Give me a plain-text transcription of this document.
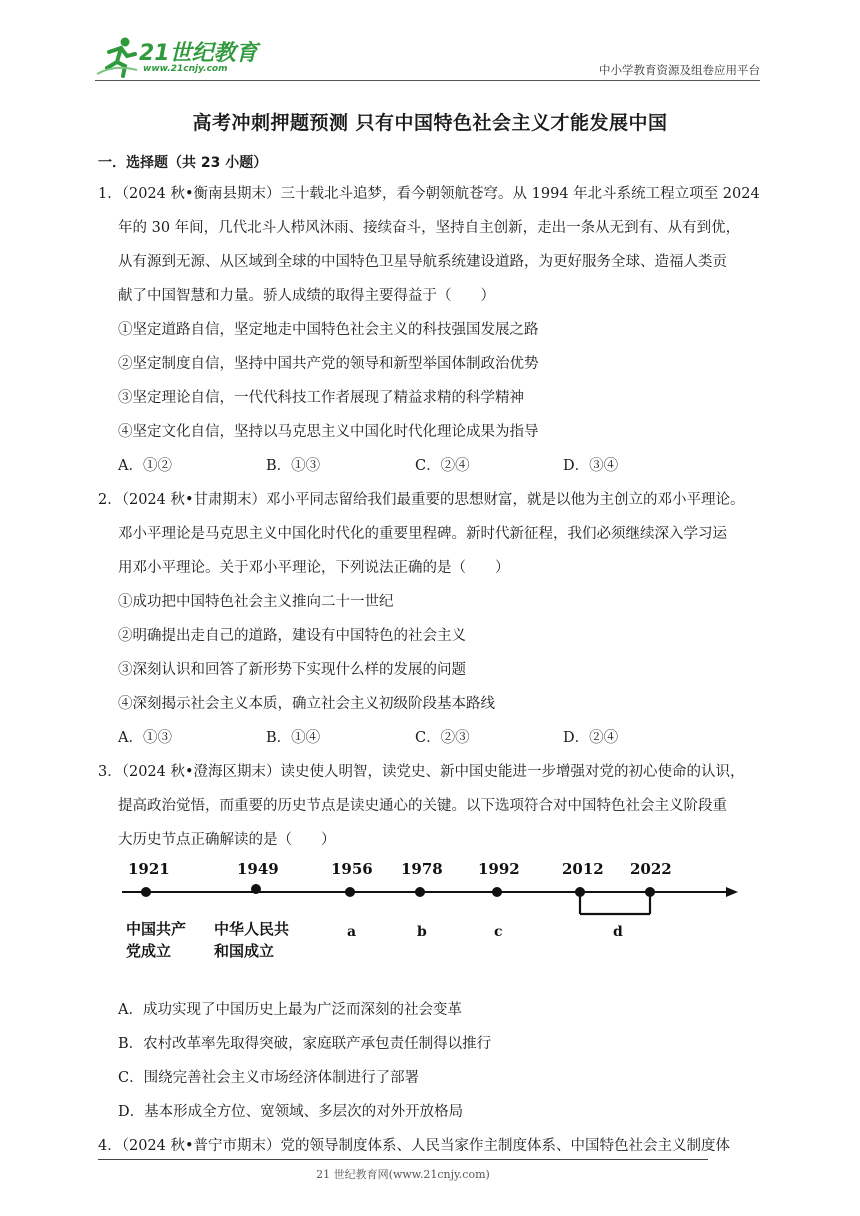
21世纪教育
www.21cnjy.com	中小学教育资源及组卷应用平台
高考冲刺押题预测 只有中国特色社会主义才能发展中国
一．选择题（共 23 小题）
1．（2024 秋•衡南县期末）三十载北斗追梦，看今朝领航苍穹。从 1994 年北斗系统工程立项至 2024
年的 30 年间，几代北斗人栉风沐雨、接续奋斗，坚持自主创新，走出一条从无到有、从有到优，
从有源到无源、从区域到全球的中国特色卫星导航系统建设道路，为更好服务全球、造福人类贡
献了中国智慧和力量。骄人成绩的取得主要得益于（　　）
①坚定道路自信，坚定地走中国特色社会主义的科技强国发展之路
②坚定制度自信，坚持中国共产党的领导和新型举国体制政治优势
③坚定理论自信，一代代科技工作者展现了精益求精的科学精神
④坚定文化自信，坚持以马克思主义中国化时代化理论成果为指导
A．①②	B．①③	C．②④	D．③④
2．（2024 秋•甘肃期末）邓小平同志留给我们最重要的思想财富，就是以他为主创立的邓小平理论。
邓小平理论是马克思主义中国化时代化的重要里程碑。新时代新征程，我们必须继续深入学习运
用邓小平理论。关于邓小平理论，下列说法正确的是（　　）
①成功把中国特色社会主义推向二十一世纪
②明确提出走自己的道路，建设有中国特色的社会主义
③深刻认识和回答了新形势下实现什么样的发展的问题
④深刻揭示社会主义本质，确立社会主义初级阶段基本路线
A．①③	B．①④	C．②③	D．②④
3．（2024 秋•澄海区期末）读史使人明智，读党史、新中国史能进一步增强对党的初心使命的认识，
提高政治觉悟，而重要的历史节点是读史通心的关键。以下选项符合对中国特色社会主义阶段重
大历史节点正确解读的是（　　）
1921	1949	1956 1978 1992	2012 2022
中国共产
党成立
中华人民共
和国成立
a	b	c	d
A．成功实现了中国历史上最为广泛而深刻的社会变革
B．农村改革率先取得突破，家庭联产承包责任制得以推行
C．围绕完善社会主义市场经济体制进行了部署
D．基本形成全方位、宽领域、多层次的对外开放格局
4．（2024 秋•普宁市期末）党的领导制度体系、人民当家作主制度体系、中国特色社会主义制度体
21 世纪教育网(www.21cnjy.com)
